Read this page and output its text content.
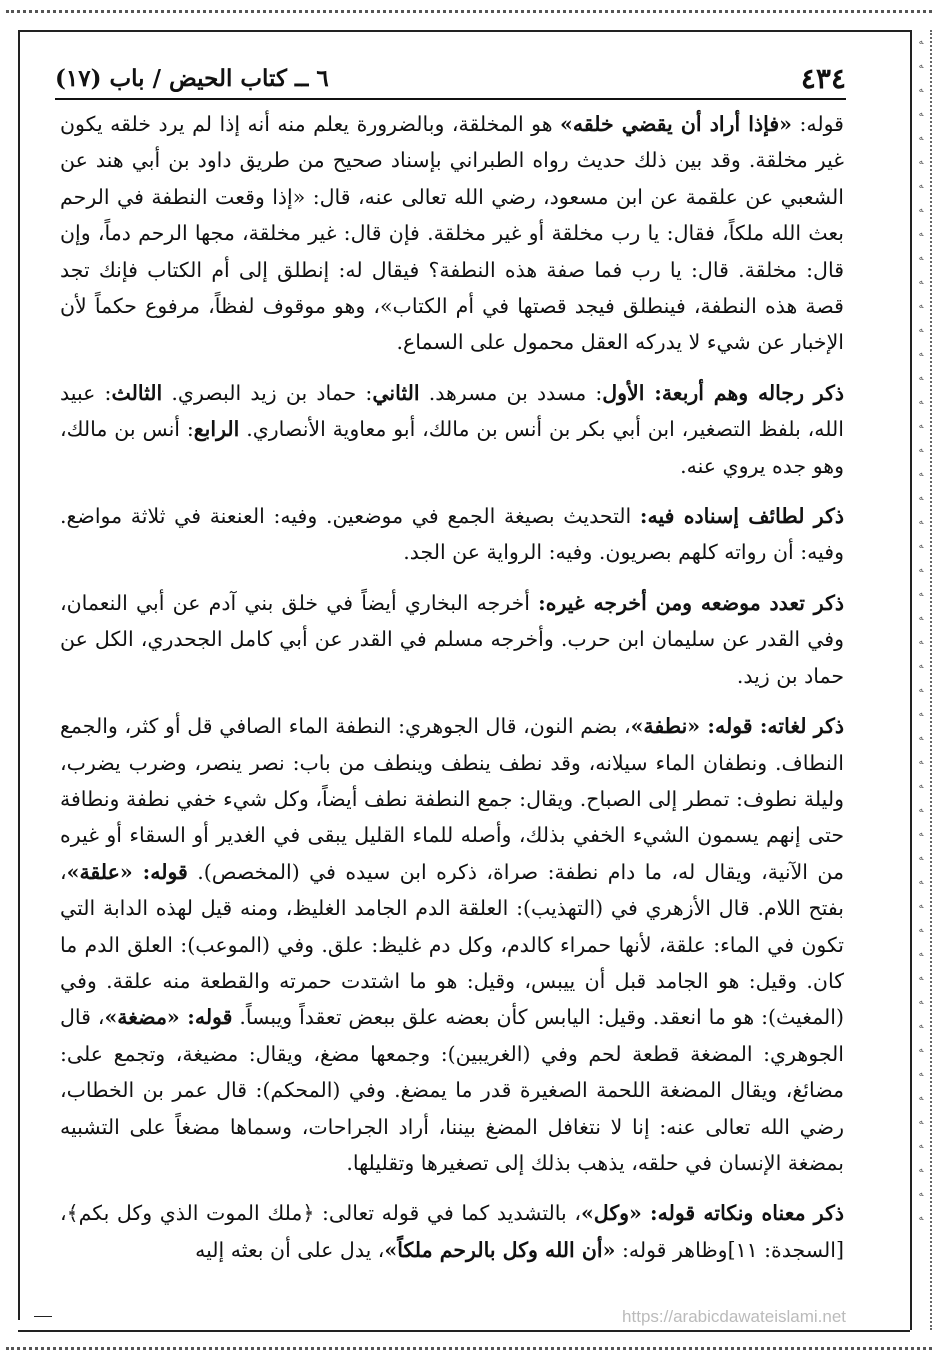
ﻪ
ﻪ
ﻪ
ﻪ
ﻪ
ﻪ
ﻪ
ﻪ
ﻪ
ﻪ
ﻪ
ﻪ
ﻪ
ﻪ
ﻪ
ﻪ
ﻪ
ﻪ
ﻪ
ﻪ
ﻪ
ﻪ
ﻪ
ﻪ
ﻪ
ﻪ
ﻪ
ﻪ
ﻪ
ﻪ
ﻪ
ﻪ
ﻪ
ﻪ
ﻪ
ﻪ
ﻪ
ﻪ
ﻪ
ﻪ
ﻪ
ﻪ
ﻪ
ﻪ
ﻪ
ﻪ
ﻪ
ﻪ
ﻪ
ﻪ
٤٣٤
٦ ــ كتاب الحيض / باب (١٧)

قوله: «فإذا أراد أن يقضي خلقه» هو المخلقة، وبالضرورة يعلم منه أنه إذا لم يرد خلقه يكون غير مخلقة. وقد بين ذلك حديث رواه الطبراني بإسناد صحيح من طريق داود بن أبي هند عن الشعبي عن علقمة عن ابن مسعود، رضي الله تعالى عنه، قال: «إذا وقعت النطفة في الرحم بعث الله ملكاً، فقال: يا رب مخلقة أو غير مخلقة. فإن قال: غير مخلقة، مجها الرحم دماً، وإن قال: مخلقة. قال: يا رب فما صفة هذه النطفة؟ فيقال له: إنطلق إلى أم الكتاب فإنك تجد قصة هذه النطفة، فينطلق فيجد قصتها في أم الكتاب»، وهو موقوف لفظاً، مرفوع حكماً لأن الإخبار عن شيء لا يدركه العقل محمول على السماع.

ذكر رجاله وهم أربعة: الأول: مسدد بن مسرهد. الثاني: حماد بن زيد البصري. الثالث: عبيد الله، بلفظ التصغير، ابن أبي بكر بن أنس بن مالك، أبو معاوية الأنصاري. الرابع: أنس بن مالك، وهو جده يروي عنه.

ذكر لطائف إسناده فيه: التحديث بصيغة الجمع في موضعين. وفيه: العنعنة في ثلاثة مواضع. وفيه: أن رواته كلهم بصريون. وفيه: الرواية عن الجد.

ذكر تعدد موضعه ومن أخرجه غيره: أخرجه البخاري أيضاً في خلق بني آدم عن أبي النعمان، وفي القدر عن سليمان ابن حرب. وأخرجه مسلم في القدر عن أبي كامل الجحدري، الكل عن حماد بن زيد.

ذكر لغاته: قوله: «نطفة»، بضم النون، قال الجوهري: النطفة الماء الصافي قل أو كثر، والجمع النطاف. ونطفان الماء سيلانه، وقد نطف ينطف وينطف من باب: نصر ينصر، وضرب يضرب، وليلة نطوف: تمطر إلى الصباح. ويقال: جمع النطفة نطف أيضاً، وكل شيء خفي نطفة ونطافة حتى إنهم يسمون الشيء الخفي بذلك، وأصله للماء القليل يبقى في الغدير أو السقاء أو غيره من الآنية، ويقال له، ما دام نطفة: صراة، ذكره ابن سيده في (المخصص). قوله: «علقة»، بفتح اللام. قال الأزهري في (التهذيب): العلقة الدم الجامد الغليظ، ومنه قيل لهذه الدابة التي تكون في الماء: علقة، لأنها حمراء كالدم، وكل دم غليظ: علق. وفي (الموعب): العلق الدم ما كان. وقيل: هو الجامد قبل أن ييبس، وقيل: هو ما اشتدت حمرته والقطعة منه علقة. وفي (المغيث): هو ما انعقد. وقيل: اليابس كأن بعضه علق ببعض تعقداً ويبساً. قوله: «مضغة»، قال الجوهري: المضغة قطعة لحم وفي (الغريبين): وجمعها مضغ، ويقال: مضيغة، وتجمع على: مضائغ، ويقال المضغة اللحمة الصغيرة قدر ما يمضغ. وفي (المحكم): قال عمر بن الخطاب، رضي الله تعالى عنه: إنا لا نتغافل المضغ بيننا، أراد الجراحات، وسماها مضغاً على التشبيه بمضغة الإنسان في حلقه، يذهب بذلك إلى تصغيرها وتقليلها.

ذكر معناه ونكاته قوله: «وكل»، بالتشديد كما في قوله تعالى: ﴿ملك الموت الذي وكل بكم﴾، [السجدة: ١١]وظاهر قوله: «أن الله وكل بالرحم ملكاً»، يدل على أن بعثه إليه

https://arabicdawateislami.net
